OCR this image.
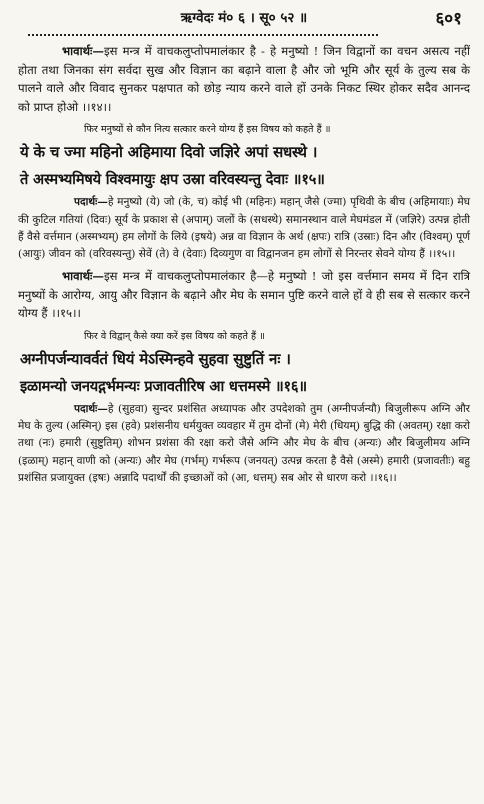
ऋग्वेदः मं० ६ । सू० ५२ ॥	६०१

भावार्थः—इस मन्त्र में वाचकलुप्तोपमालंकार है - हे मनुष्यो ! जिन विद्वानों का वचन असत्य नहीं होता तथा जिनका संग सर्वदा सुख और विज्ञान का बढ़ाने वाला है और जो भूमि और सूर्य के तुल्य सब के पालने वाले और विवाद सुनकर पक्षपात को छोड़ न्याय करने वाले हों उनके निकट स्थिर होकर सदैव आनन्द को प्राप्त होओ ।।१४।।

फिर मनुष्यों से कौन नित्य सत्कार करने योग्य हैं इस विषय को कहते हैं ॥

ये के च ज्मा महिनो अहिमाया दिवो जज्ञिरे अपां सधस्थे ।
ते अस्मभ्यमिषये विश्वमायुः क्षप उस्रा वरिवस्यन्तु देवाः ॥१५॥

पदार्थः—हे मनुष्यो (ये) जो (के, च) कोई भी (महिनः) महान् जैसे (ज्मा) पृथिवी के बीच (अहिमायाः) मेघ की कुटिल गतियां (दिवः) सूर्य के प्रकाश से (अपाम्) जलों के (सधस्थे) समानस्थान वाले मेघमंडल में (जज्ञिरे) उत्पन्न होती हैं वैसे वर्त्तमान (अस्मभ्यम्) हम लोगों के लिये (इषये) अन्न वा विज्ञान के अर्थ (क्षपः) रात्रि (उस्राः) दिन और (विश्वम्) पूर्ण (आयुः) जीवन को (वरिवस्यन्तु) सेवें (ते) वे (देवाः) दिव्यगुण वा विद्वानजन हम लोगों से निरन्तर सेवने योग्य हैं ।।१५।।

भावार्थः—इस मन्त्र में वाचकलुप्तोपमालंकार है—हे मनुष्यो ! जो इस वर्त्तमान समय में दिन रात्रि मनुष्यों के आरोग्य, आयु और विज्ञान के बढ़ाने और मेघ के समान पुष्टि करने वाले हों वे ही सब से सत्कार करने योग्य हैं ।।१५।।

फिर वे विद्वान् कैसे क्या करें इस विषय को कहते हैं ॥

अग्नीपर्जन्यावर्वतं धियं मेऽस्मिन्हवे सुहवा सुष्टुतिं नः ।
इळामन्यो जनयद्गर्भमन्यः प्रजावतीरिष आ धत्तमस्मे ॥१६॥

पदार्थः—हे (सुहवा) सुन्दर प्रशंसित अध्यापक और उपदेशको तुम (अग्नीपर्जन्यौ) बिजुलीरूप अग्नि और मेघ के तुल्य (अस्मिन्) इस (हवे) प्रशंसनीय धर्मयुक्त व्यवहार में तुम दोनों (मे) मेरी (धियम्) बुद्धि की (अवतम्) रक्षा करो तथा (नः) हमारी (सुष्टुतिम्) शोभन प्रशंसा की रक्षा करो जैसे अग्नि और मेघ के बीच (अन्यः) और बिजुलीमय अग्नि (इळाम्) महान् वाणी को (अन्यः) और मेघ (गर्भम्) गर्भरूप (जनयत्) उत्पन्न करता है वैसे (अस्मे) हमारी (प्रजावतीः) बहु प्रशंसित प्रजायुक्त (इषः) अन्नादि पदार्थों की इच्छाओं को (आ, धत्तम्) सब ओर से धारण करो ।।१६।।
